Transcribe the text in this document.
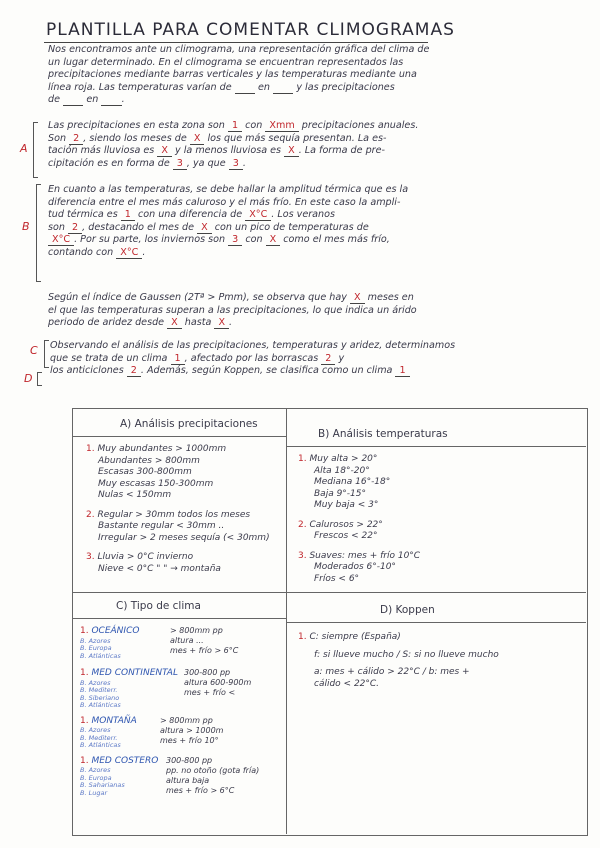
PLANTILLA PARA COMENTAR CLIMOGRAMAS
Nos encontramos ante un climograma, una representación gráfica del clima de
un lugar determinado. En el climograma se encuentran representados las
precipitaciones mediante barras verticales y las temperaturas mediante una
línea roja. Las temperaturas varían de	en	y las precipitaciones
de	en .
A
Las precipitaciones en esta zona son 1 con Xmm precipitaciones anuales.
Son 2 , siendo los meses de X los que más sequía presentan. La es-
tación más lluviosa es X y la menos lluviosa es X . La forma de pre-
cipitación es en forma de 3 , ya que 3 .
B
En cuanto a las temperaturas, se debe hallar la amplitud térmica que es la
diferencia entre el mes más caluroso y el más frío. En este caso la ampli-
tud térmica es 1 con una diferencia de X°C . Los veranos
son 2 , destacando el mes de X con un pico de temperaturas de
X°C . Por su parte, los inviernos son 3 con X como el mes más frío,
contando con X°C .
Según el índice de Gaussen (2Tª > Pmm), se observa que hay X meses en
el que las temperaturas superan a las precipitaciones, lo que indica un árido
periodo de aridez desde X hasta X .
C
D
Observando el análisis de las precipitaciones, temperaturas y aridez, determinamos
que se trata de un clima 1 , afectado por las borrascas 2 y
los anticiclones 2 . Además, según Koppen, se clasifica como un clima 1
A) Análisis precipitaciones
B) Análisis temperaturas
C) Tipo de clima	D) Koppen
1. Muy abundantes > 1000mm
Abundantes > 800mm
Escasas 300-800mm
Muy escasas 150-300mm
Nulas < 150mm
2. Regular > 30mm todos los meses
Bastante regular < 30mm ..
Irregular > 2 meses sequía (< 30mm)
3. Lluvia > 0°C invierno
Nieve < 0°C " " → montaña
1. Muy alta > 20°
Alta 18°-20°
Mediana 16°-18°
Baja 9°-15°
Muy baja < 3°
2. Calurosos > 22°
Frescos < 22°
3. Suaves: mes + frío 10°C
Moderados 6°-10°
Fríos < 6°
1. OCEÁNICO
B. Azores
B. Europa
B. Atlánticas
> 800mm pp
altura ...
mes + frío > 6°C
1. MED CONTINENTAL
B. Azores
B. Mediterr.
B. Siberiano
B. Atlánticas
300-800 pp
altura 600-900m
mes + frío <
1. MONTAÑA
B. Azores
B. Mediterr.
B. Atlánticas
> 800mm pp
altura > 1000m
mes + frío 10°
1. MED COSTERO
B. Azores
B. Europa
B. Saharianas
B. Lugar
300-800 pp
pp. no otoño (gota fría)
altura baja
mes + frío > 6°C
1. C: siempre (España)
f: si llueve mucho / S: si no llueve mucho
a: mes + cálido > 22°C / b: mes +
cálido < 22°C.
